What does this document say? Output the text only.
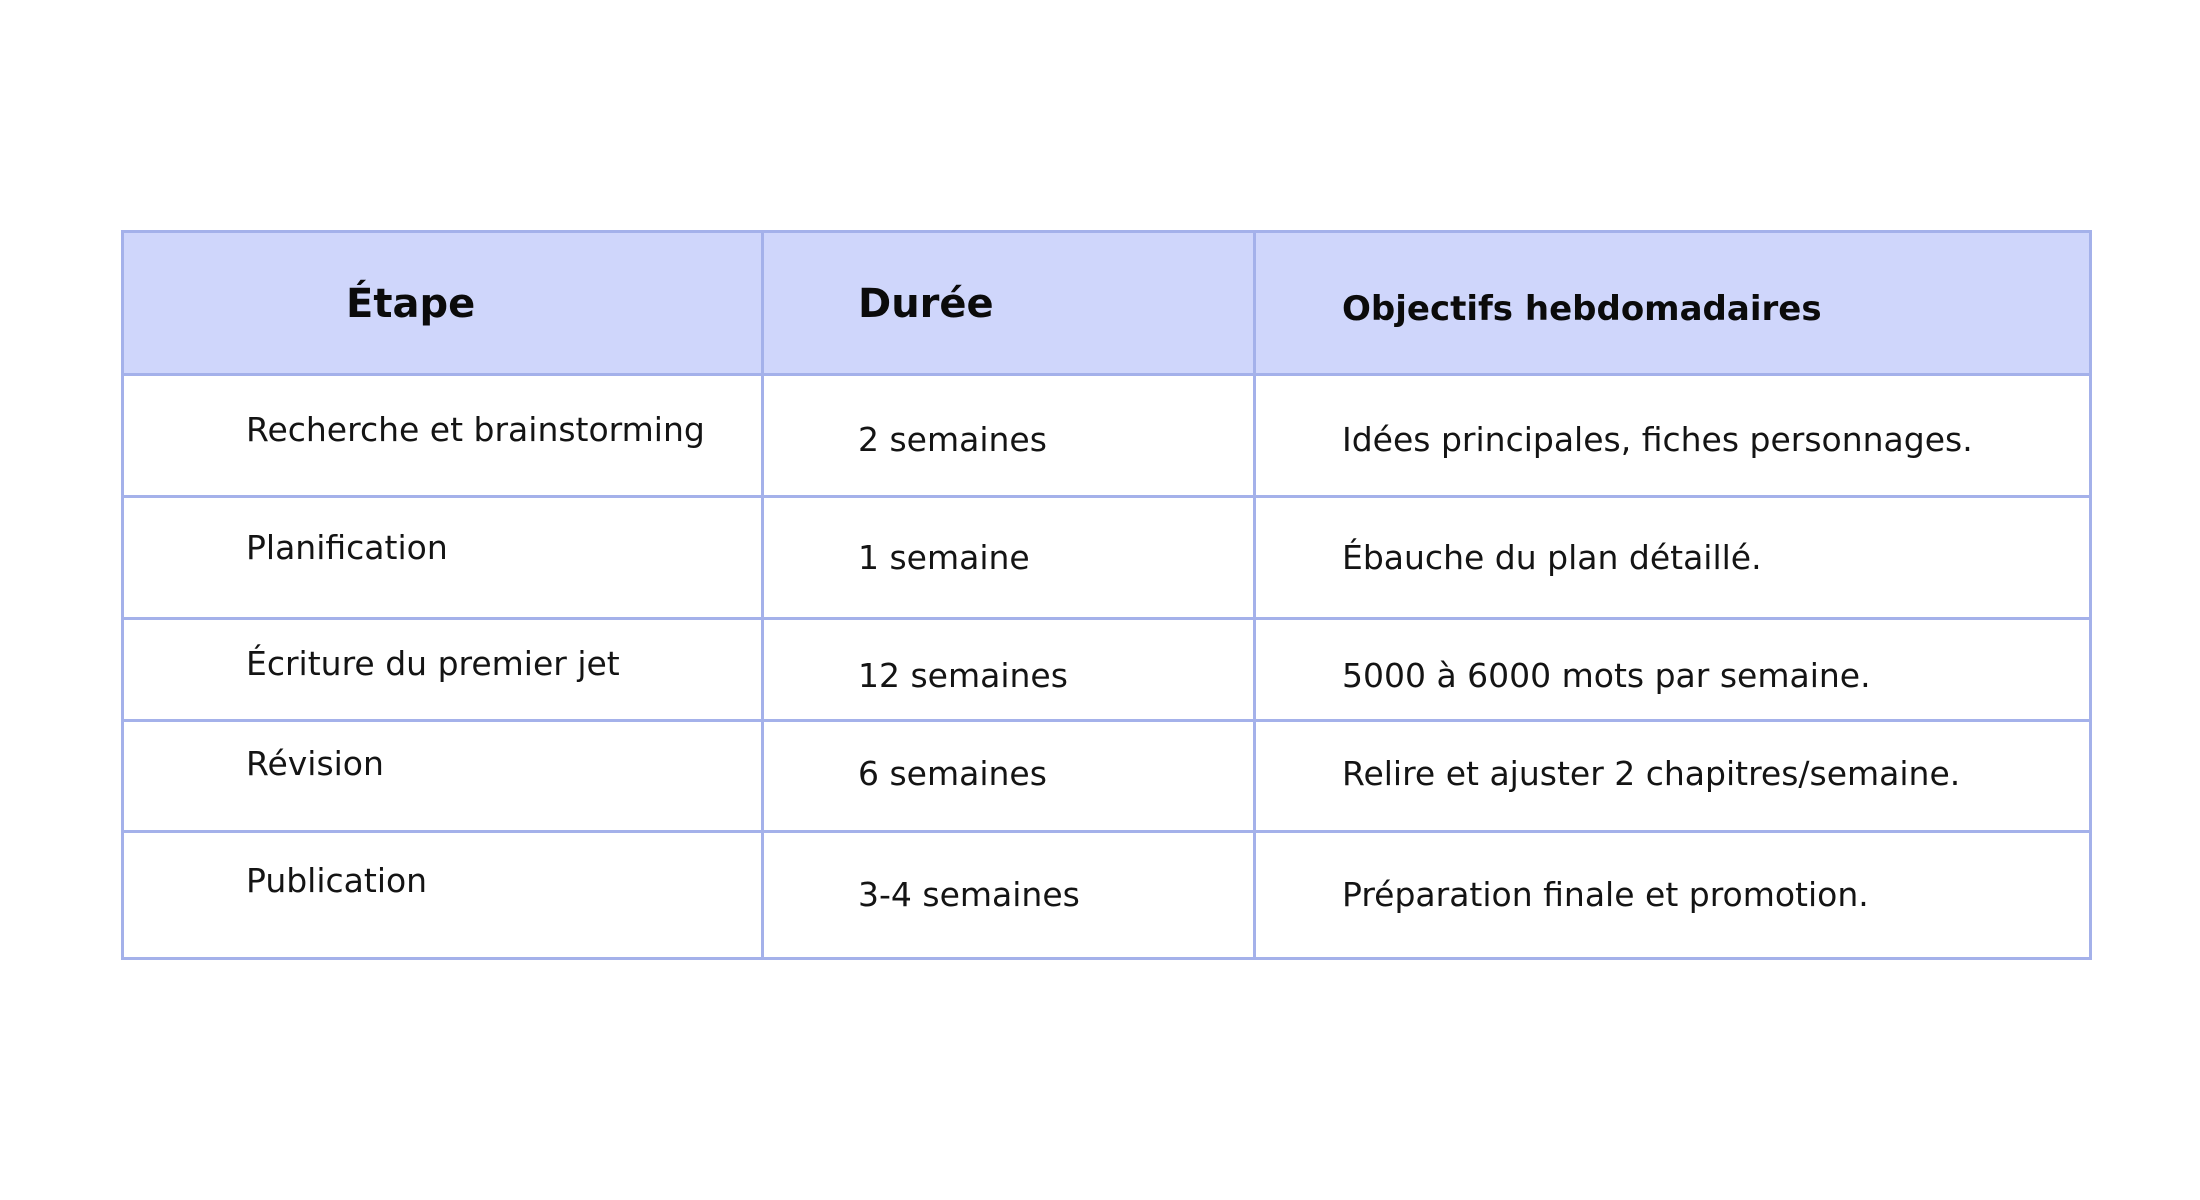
Étape	Durée	Objectifs hebdomadaires

Recherche et brainstorming	2 semaines	Idées principales, fiches personnages.

Planification	1 semaine	Ébauche du plan détaillé.

Écriture du premier jet	12 semaines	5000 à 6000 mots par semaine.

Révision	6 semaines	Relire et ajuster 2 chapitres/semaine.

Publication	3-4 semaines	Préparation finale et promotion.
